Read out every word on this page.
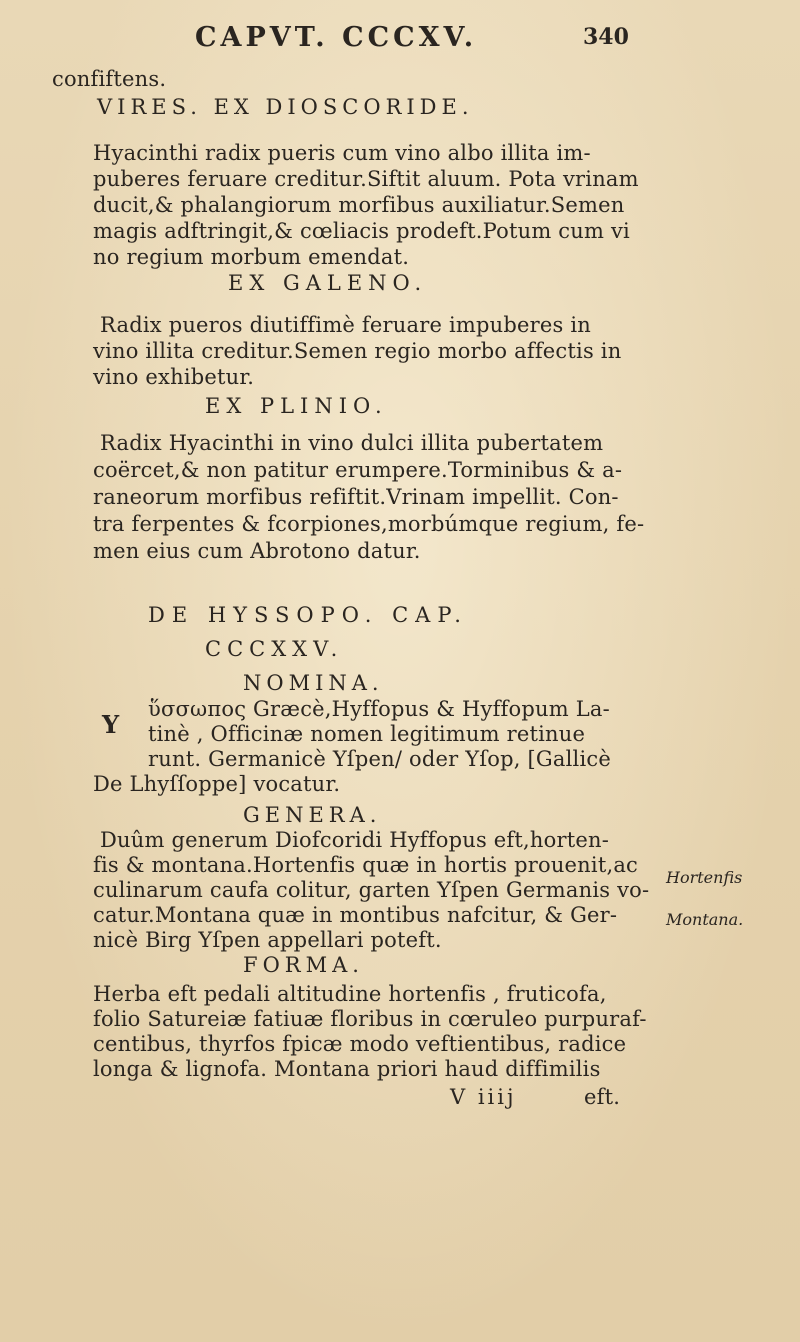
CAPVT. CCCXV.	340
confiftens.
VIRES. EX DIOSCORIDE.
Hyacinthi radix pueris cum vino albo illita im-
puberes feruare creditur.Siftit aluum. Pota vrinam
ducit,& phalangiorum morfibus auxiliatur.Semen
magis adftringit,& cœliacis prodeft.Potum cum vi
no regium morbum emendat.
EX GALENO.
Radix pueros diutiffimè feruare impuberes in
vino illita creditur.Semen regio morbo affectis in
vino exhibetur.
EX PLINIO.
Radix Hyacinthi in vino dulci illita pubertatem
coërcet,& non patitur erumpere.Torminibus & a-
raneorum morfibus refiftit.Vrinam impellit. Con-
tra ferpentes & fcorpiones,morbúmque regium, fe-
men eius cum Abrotono datur.
DE HYSSOPO. CAP.
CCCXXV.
NOMINA.
Y
ὕσσωπος Græcè,Hyffopus & Hyffopum La-
tinè , Officinæ nomen legitimum retinue
runt. Germanicè Yſpen/ oder Yſop, [Gallicè
De Lhyſſoppe] vocatur.
GENERA.
Duûm generum Diofcoridi Hyffopus eft,horten-
fis & montana.Hortenfis quæ in hortis prouenit,ac
culinarum caufa colitur, garten Yſpen Germanis vo-
catur.Montana quæ in montibus nafcitur, & Ger-
nicè Birg Yſpen appellari poteft.
Hortenfis
Montana.
FORMA.
Herba eft pedali altitudine hortenfis , fruticofa,
folio Satureiæ fatiuæ floribus in cœruleo purpuraf-
centibus, thyrfos fpicæ modo veftientibus, radice
longa & lignofa. Montana priori haud diffimilis
V iiij	eft.
